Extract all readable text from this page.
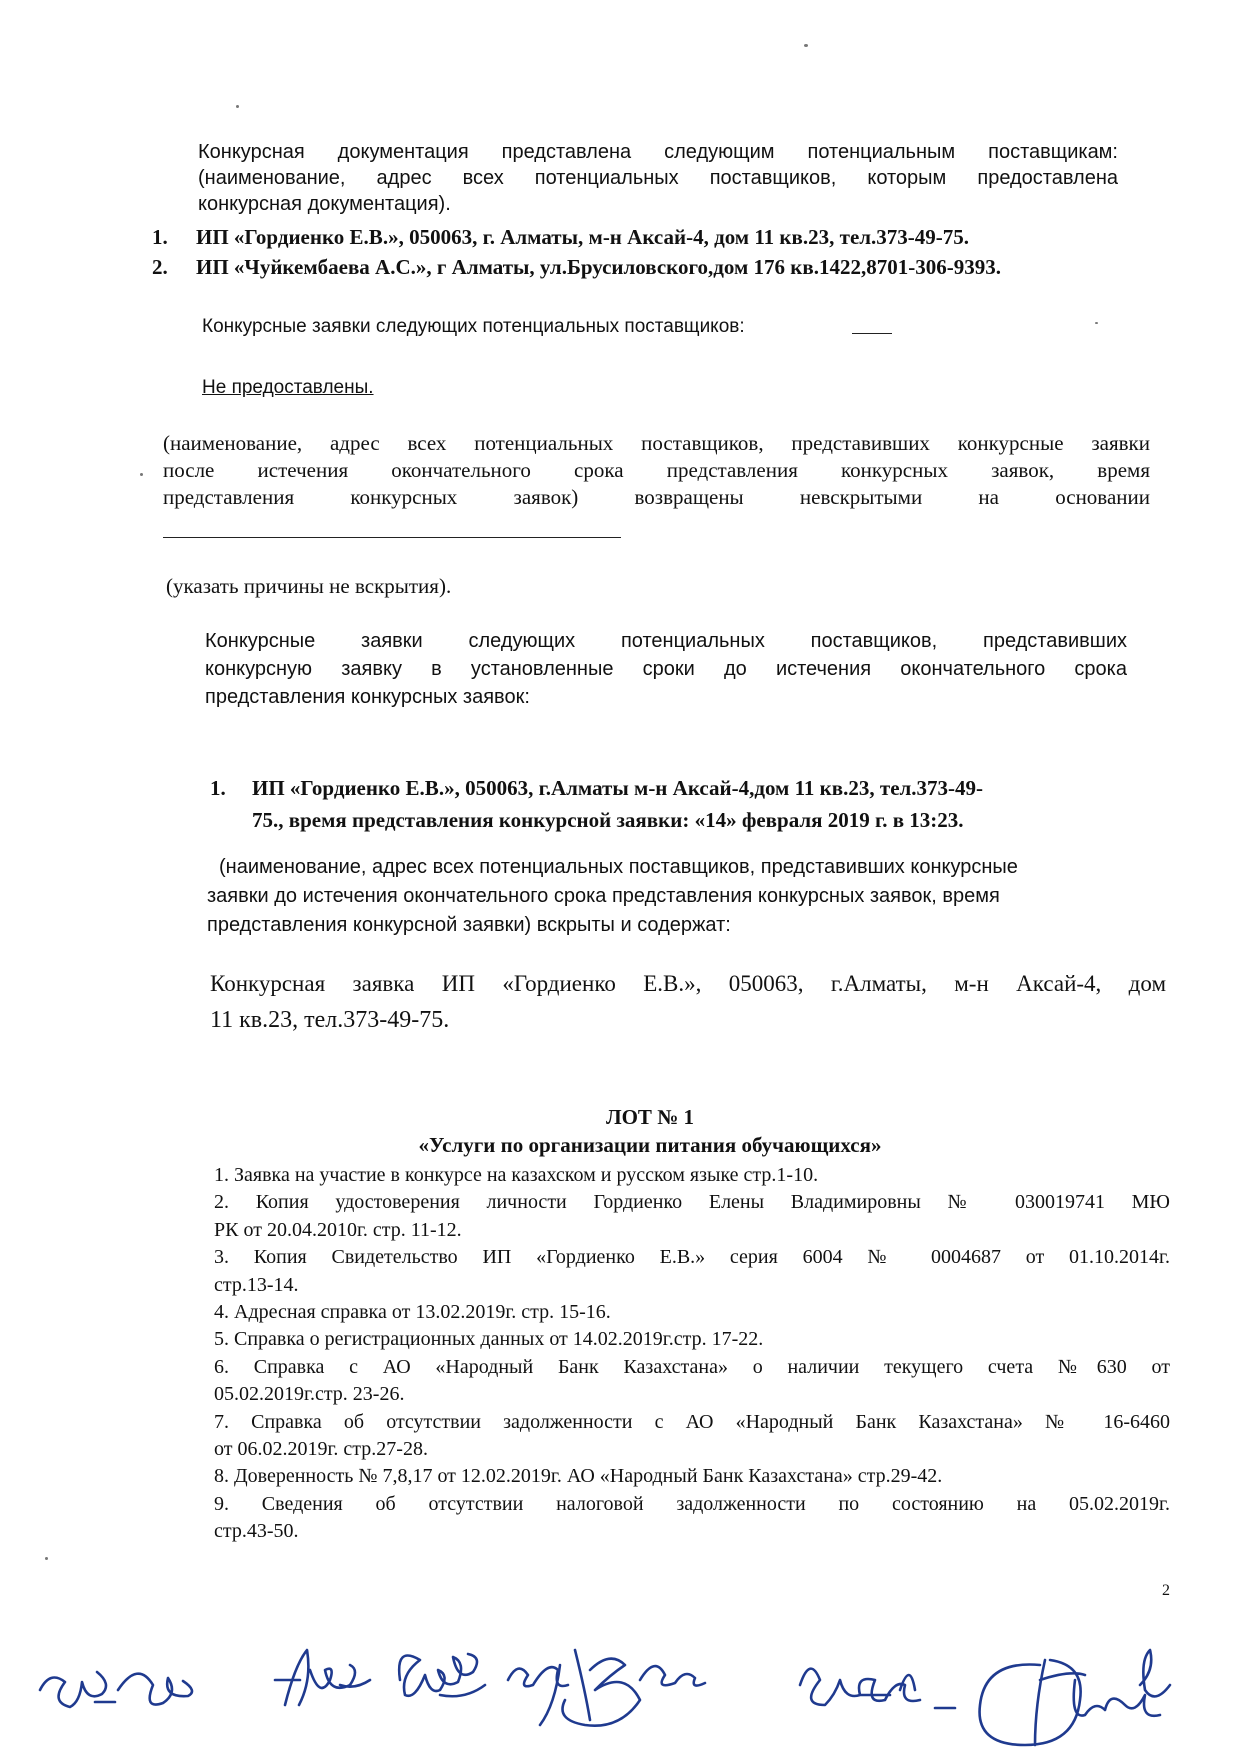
Конкурсная документация представлена следующим потенциальным поставщикам:
(наименование, адрес всех потенциальных поставщиков, которым предоставлена
конкурсная документация).
1. ИП «Гордиенко Е.В.», 050063, г. Алматы, м-н Аксай-4, дом 11 кв.23, тел.373-49-75.
2. ИП «Чуйкембаева А.С.», г Алматы, ул.Брусиловского,дом 176 кв.1422,8701-306-9393.
Конкурсные заявки следующих потенциальных поставщиков:
Не предоставлены.
(наименование, адрес всех потенциальных поставщиков, представивших конкурсные заявки
после истечения окончательного срока представления конкурсных заявок, время
представления конкурсных заявок) возвращены невскрытыми на основании
(указать причины не вскрытия).
Конкурсные заявки следующих потенциальных поставщиков, представивших
конкурсную заявку в установленные сроки до истечения окончательного срока
представления конкурсных заявок:
1. ИП «Гордиенко Е.В.», 050063, г.Алматы м-н Аксай-4,дом 11 кв.23, тел.373-49-
75., время представления конкурсной заявки: «14» февраля 2019 г. в 13:23.
(наименование, адрес всех потенциальных поставщиков, представивших конкурсные
заявки до истечения окончательного срока представления конкурсных заявок, время
представления конкурсной заявки) вскрыты и содержат:
Конкурсная заявка ИП «Гордиенко Е.В.», 050063, г.Алматы, м-н Аксай-4, дом
11 кв.23, тел.373-49-75.
ЛОТ № 1
«Услуги по организации питания обучающихся»
1. Заявка на участие в конкурсе на казахском и русском языке стр.1-10.
2. Копия удостоверения личности Гордиенко Елены Владимировны № 030019741 МЮ
РК от 20.04.2010г. стр. 11-12.
3. Копия Свидетельство ИП «Гордиенко Е.В.» серия 6004 № 0004687 от 01.10.2014г.
стр.13-14.
4. Адресная справка от 13.02.2019г. стр. 15-16.
5. Справка о регистрационных данных от 14.02.2019г.стр. 17-22.
6. Справка с АО «Народный Банк Казахстана» о наличии текущего счета №630 от
05.02.2019г.стр. 23-26.
7. Справка об отсутствии задолженности с АО «Народный Банк Казахстана» № 16-6460
от 06.02.2019г. стр.27-28.
8. Доверенность № 7,8,17 от 12.02.2019г. АО «Народный Банк Казахстана» стр.29-42.
9. Сведения об отсутствии налоговой задолженности по состоянию на 05.02.2019г.
стр.43-50.
2
